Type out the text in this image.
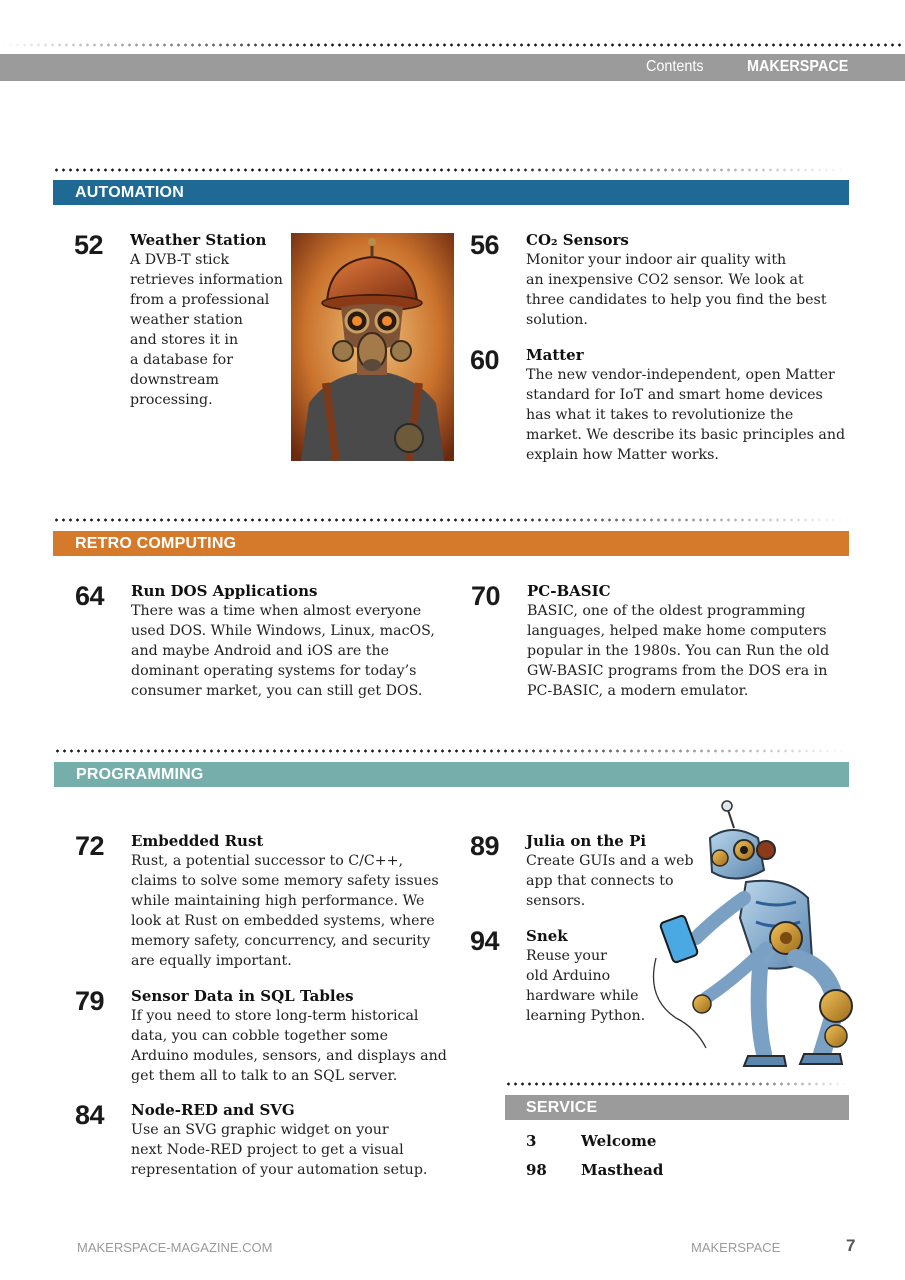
Contents	MAKERSPACE
AUTOMATION
52 Weather Station

A DVB-T stick
retrieves information
from a professional
weather station
and stores it in
a database for
downstream
processing.

56 CO₂ Sensors

Monitor your indoor air quality with
an inexpensive CO2 sensor. We look at
three candidates to help you find the best
solution.

60 Matter

The new vendor-independent, open Matter
standard for IoT and smart home devices
has what it takes to revolutionize the
market. We describe its basic principles and
explain how Matter works.

RETRO COMPUTING
64 Run DOS Applications

There was a time when almost everyone
used DOS. While Windows, Linux, macOS,
and maybe Android and iOS are the
dominant operating systems for today’s
consumer market, you can still get DOS.

70 PC-BASIC

BASIC, one of the oldest programming
languages, helped make home computers
popular in the 1980s. You can Run the old
GW-BASIC programs from the DOS era in
PC-BASIC, a modern emulator.

PROGRAMMING
72 Embedded Rust

Rust, a potential successor to C/C++,
claims to solve some memory safety issues
while maintaining high performance. We
look at Rust on embedded systems, where
memory safety, concurrency, and security
are equally important.

79 Sensor Data in SQL Tables

If you need to store long-term historical
data, you can cobble together some
Arduino modules, sensors, and displays and
get them all to talk to an SQL server.

84 Node-RED and SVG

Use an SVG graphic widget on your
next Node-RED project to get a visual
representation of your automation setup.

89 Julia on the Pi

Create GUIs and a web
app that connects to
sensors.

94 Snek

Reuse your
old Arduino
hardware while
learning Python.

SERVICE
3	Welcome
98 Masthead
MAKERSPACE-MAGAZINE.COM	MAKERSPACE	7
